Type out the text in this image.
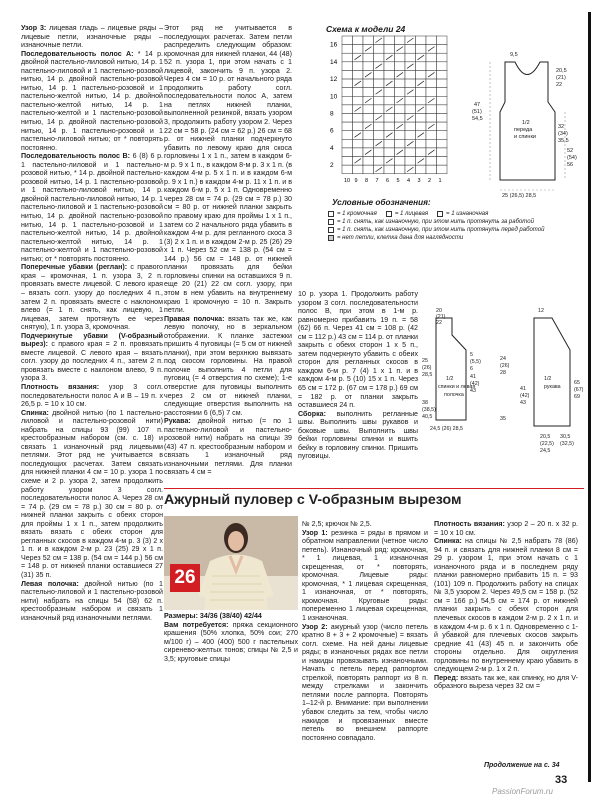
Узор 3: лицевая гладь – лицевые ряды – лицевые петли, изнаночные ряды – изнаночные петли.

Последовательность полос А: * 14 р. двойной пастельно-лиловой нитью, 14 р. 1 пастельно-лиловой и 1 пастельно-розовой нитью, 14 р. двойной пастельно-розовой нитью, 14 р. 1 пастельно-розовой и 1 пастельно-желтой нитью, 14 р. двойной пастельно-желтой нитью, 14 р. 1 пастельно-желтой и 1 пастельно-розовой нитью, 14 р. двойной пастельно-розовой нитью, 14 р. 1 пастельно-розовой и 1 пастельно-лиловой нитью; от * повторять постоянно.

Последовательность полос В: 6 (8) 6 р. 1 пастельно-лиловой и 1 пастельно-розовой нитью, * 14 р. двойной пастельно-розовой нитью, 14 р. 1 пастельно-розовой и 1 пастельно-лиловой нитью, 14 р. двойной пастельно-лиловой нитью, 14 р. 1 пастельно-лиловой и 1 пастельно-розовой нитью, 14 р. двойной пастельно-розовой нитью, 14 р. 1 пастельно-розовой и 1 пастельно-желтой нитью, 14 р. двойной пастельно-желтой нитью, 14 р. 1 пастельно-желтой и 1 пастельно-розовой нитью; от * повторять постоянно.

Поперечные убавки (реглан): с правого края – кромочная, 1 п. узора 3, 2 п. провязать вместе лицевой. С левого края – вязать согл. узору до последних 4 п., затем 2 п. провязать вместе с наклоном влево (= 1 п. снять, как лицевую, 1 лицевая, затем протянуть ее через снятую), 1 п. узора 3, кромочная.

Подчеркнутые убавки (V-образный вырез): с правого края = 2 п. провязать вместе лицевой. С левого края – вязать согл. узору до последних 4 п., затем 2 п. провязать вместе с наклоном влево, 9 п. узора 3.

Плотность вязания: узор 3 согл. последовательности полос А и В – 19 п. x 26,5 р. = 10 x 10 см.

Спинка: двойной нитью (по 1 пастельно-лиловой и пастельно-розовой нити) набрать на спицы 93 (99) 107 п. крестообразным набором (см. с. 18) и связать 1 изнаночный ряд лицевыми петлями. Этот ряд не учитывается в последующих расчетах. Затем связать для нижней планки 4 см = 10 р. узора 1 по схеме и 2 р. узора 2, затем продолжить работу узором 3 согл. последовательности полос А. Через 28 см = 74 р. (29 см = 78 р.) 30 см = 80 р. от нижней планки закрыть с обеих сторон для проймы 1 x 1 п., затем продолжить вязать вязать с обеих сторон для регланных скосов в каждом 4-м р. 3 (3) 2 x 1 п. и в каждом 2-м р. 23 (25) 29 x 1 п. Через 52 см = 138 р. (54 см = 144 р.) 56 см = 148 р. от нижней планки оставшиеся 27 (31) 35 п.

Левая полочка: двойной нитью (по 1 пастельно-лиловой и 1 пастельно-розовой нити) набрать на спицы 54 (58) 62 п. крестообразным набором и связать 1 изнаночный ряд изнаночными петлями.

Этот ряд не учитывается в последующих расчетах. Затем петли распределить следующим образом: кромочная для нижней планки, 44 (48) 52 п. узора 1, при этом начать с 1 лицевой, закончить 9 п. узора 2. Через 4 см = 10 р. от начального ряда продолжить работу согл. последовательности полос А, затем на петлях нижней планки, выполненной резинкой, вязать узором 3, продолжить работу узором 2. Через 22 см = 58 р. (24 см = 62 р.) 26 см = 68 р. от нижней планки подчеркнуто убавить по левому краю для скоса горловины 1 x 1 п., затем в каждом 6-м р. 9 x 1 п., в каждом 8-м р. 3 x 1 п. (в каждом 4-м р. 5 x 1 п. и в каждом 6-м р. 9 x 1 п.) в каждом 4-м р. 11 x 1 п. и в каждом 6-м р. 5 x 1 п. Одновременно через 28 см = 74 р. (29 см = 78 р.) 30 см = 80 р. от нижней планки закрыть по правому краю для проймы 1 x 1 п., затем со 2 начального ряда убавить в каждом 4-м р. для регланного скоса 3 (3) 2 x 1 п. и в каждом 2-м р. 25 (26) 29 x 1 п. Через 52 см = 138 р. (54 см = 144 р.) 56 см = 148 р. от нижней планки провязать для бейки горловины спинки на оставшихся 9 п. еще 20 (21) 22 см согл. узору, при этом в нем убавить на внутреннему краю 1 кромочную = 10 п. Закрыть петли.

Правая полочка: вязать так же, как левую полочку, но в зеркальном отображении. К планке застежки пришить 4 пуговицы (= 5 см от нижней планки), при этом верхнюю вывязать под скосом горловины. На правой полочке выполнить 4 петли для пуговиц (= 4 отверстия по схеме); 1-е отверстие для пуговицы выполнить через 2 см от нижней планки, следующие отверстия выполнить на расстоянии 6 (6,5) 7 см.

Рукава: двойной нитью (= по 1 пастельно-лиловой и пастельно-розовой нити) набрать на спицы 39 (43) 47 п. крестообразным набором и связать 1 изнаночный ряд изнаночными петлями. Для планки связать 4 см =

Схема к модели 24
16
14
12
10
8
6
4
2
1
2
3
4
5
6
7
8
9
10
9,5
20,5
(21)
22
47
(51)
54,5
1/2
переда
и спинки
32
(34)
35,5
52
(54)
56
25 (26,5) 28,5
Условные обозначения:
= 1 кромочная	= 1 лицевая	= 1 изнаночная
= 1 п. снять, как изнаночную, при этом нить протянуть за работой
= 1 п. снять, как изнаночную, при этом нить протянуть перед работой
= нет петли, клетка дана для наглядности

10 р. узора 1. Продолжить работу узором 3 согл. последовательности полос В, при этом в 1-м р. равномерно прибавить 19 п. = 58 (62) 66 п. Через 41 см = 108 р. (42 см = 112 р.) 43 см = 114 р. от планки закрыть с обеих сторон 1 x 5 п., затем подчеркнуто убавить с обеих сторон для регланных скосов в каждом 6-м р. 7 (4) 1 x 1 п. и в каждом 4-м р. 5 (10) 15 x 1 п. Через 65 см = 172 р. (67 см = 178 р.) 69 см = 182 р. от планки закрыть оставшиеся 24 п.

Сборка: выполнить регланные швы. Выполнить швы рукавов и боковые швы. Выполнить швы бейки горловины спинки и вшить бейку в горловину спинки. Пришить пуговицы.

20
(21)
22
1/2
спинки и левая
полочка
41
(42)
43
24,5 (26) 28,5
25
(26)
28,5
5
(5,5)
6
38
(38,5)
40,5
12
24
(26)
28
1/2
рукава
65
(67)
69
41
(42)
43
30,5
(32,5)
35
20,5
(22,5)
24,5
Ажурный пуловер с V-образным вырезом
26

Размеры: 34/36 (38/40) 42/44

Вам потребуется: пряжа секционного крашения (50% хлопка, 50% сои; 270 м/100 г) – 400 (400) 500 г пастельных сиренево-желтых тонов; спицы № 2,5 и 3,5; круговые спицы

№ 2,5; крючок № 2,5.

Узор 1: резинка = ряды в прямом и обратном направлении (четное число петель). Изнаночный ряд: кромочная, * 1 лицевая, 1 изнаночная скрещенная, от * повторять, кромочная. Лицевые ряды: кромочная, * 1 лицевая скрещенная, 1 изнаночная, от * повторять, кромочная. Круговые ряды: попеременно 1 лицевая скрещенная, 1 изнаночная.

Узор 2: ажурный узор (число петель кратно 8 + 3 + 2 кромочные) = вязать согл. схеме. На ней даны лицевые ряды; в изнаночных рядах все петли и накиды провязывать изнаночными. Начать с петель перед раппортом стрелкой, повторять раппорт из 8 п. между стрелками и закончить петлями после раппорта. Повторять 1–12-й р. Внимание: при выполнении убавок следить за тем, чтобы число накидов и провязанных вместе петель во внешнем раппорте постоянно совпадало.

Плотность вязания: узор 2 – 20 п. x 32 р. = 10 x 10 см.

Спинка: на спицы № 2,5 набрать 78 (86) 94 п. и связать для нижней планки 8 см = 29 р. узором 1, при этом начать с 1 изнаночного ряда и в последнем ряду планки равномерно прибавить 15 п. = 93 (101) 109 п. Продолжить работу на спицах № 3,5 узором 2. Через 49,5 см = 158 р. (52 см = 166 р.) 54,5 см = 174 р. от нижней планки закрыть с обеих сторон для плечевых скосов в каждом 2-м р. 2 x 1 п. и в каждом 4-м р. 6 x 1 п. Одновременно с 1-й убавкой для плечевых скосов закрыть средние 41 (43) 45 п. и закончить обе стороны отдельно. Для округления горловины по внутреннему краю убавить в следующем 2-м р. 1 x 2 п.

Перед: вязать так же, как спинку, но для V-образного выреза через 32 см =

Продолжение на с. 34
33
PassionForum.ru
